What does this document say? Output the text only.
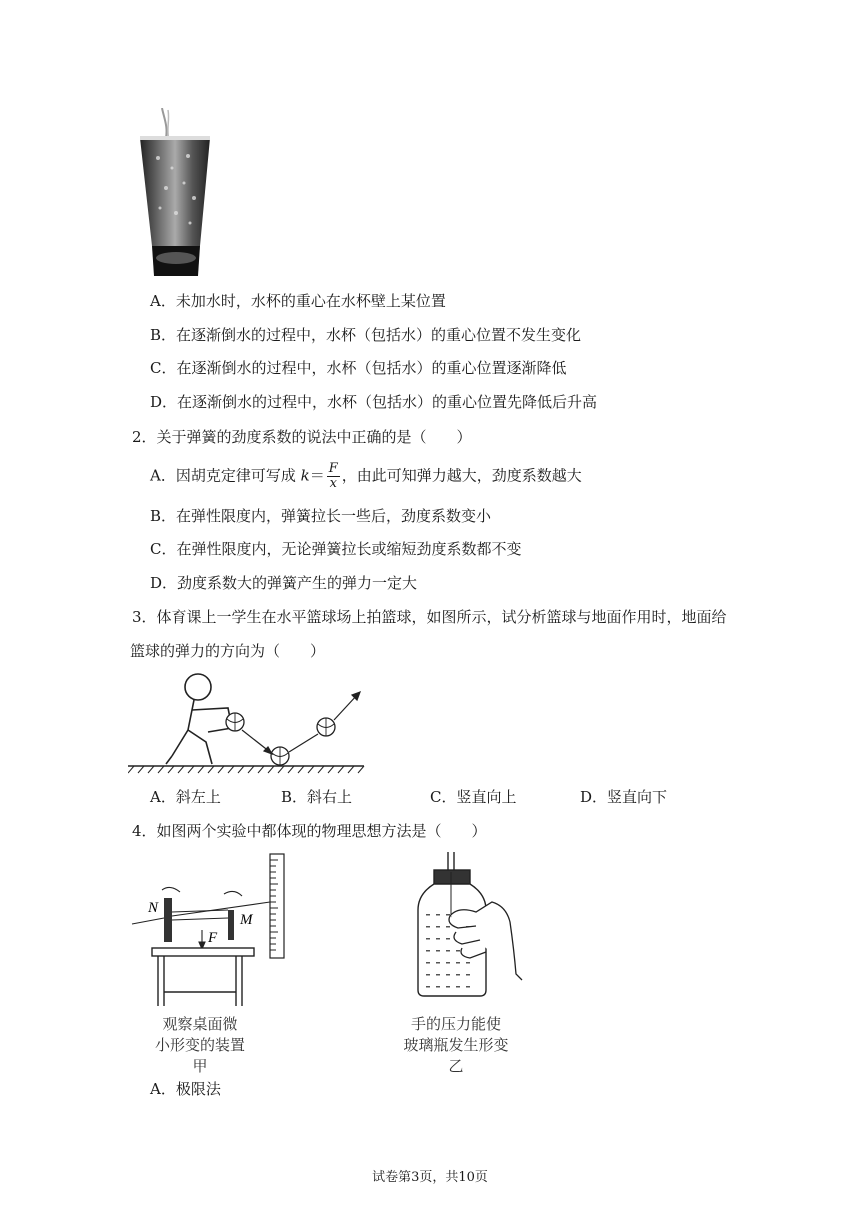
A．未加水时，水杯的重心在水杯壁上某位置
B．在逐渐倒水的过程中，水杯（包括水）的重心位置不发生变化
C．在逐渐倒水的过程中，水杯（包括水）的重心位置逐渐降低
D．在逐渐倒水的过程中，水杯（包括水）的重心位置先降低后升高
2．关于弹簧的劲度系数的说法中正确的是（　　）
A．因胡克定律可写成 $k= \frac{F}{x}$ ，由此可知弹力越大，劲度系数越大
B．在弹性限度内，弹簧拉长一些后，劲度系数变小
C．在弹性限度内，无论弹簧拉长或缩短劲度系数都不变
D．劲度系数大的弹簧产生的弹力一定大
3．体育课上一学生在水平篮球场上拍篮球，如图所示，试分析篮球与地面作用时，地面给
篮球的弹力的方向为（　　）
A．斜左上	B．斜右上	C．竖直向上	D．竖直向下
4．如图两个实验中都体现的物理思想方法是（　　）
N
M
F
观察桌面微
小形变的装置
甲
手的压力能使
玻璃瓶发生形变
乙
A．极限法
试卷第3页，共10页
